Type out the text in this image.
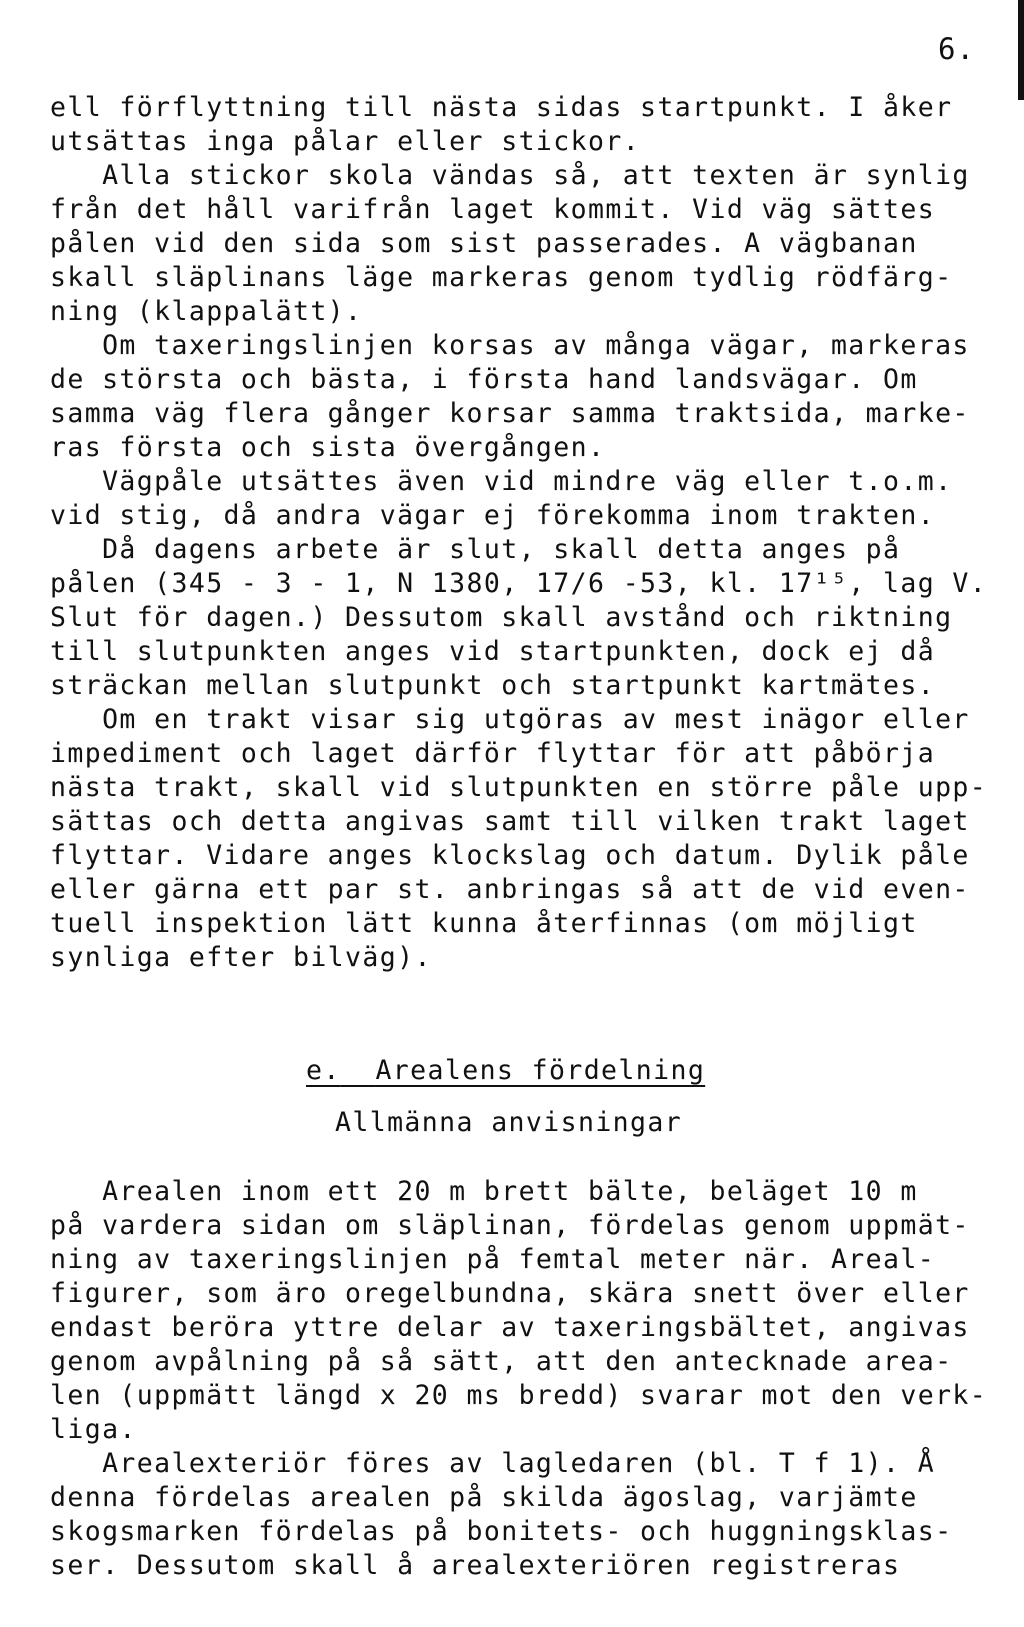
6.
ell förflyttning till nästa sidas startpunkt. I åker
utsättas inga pålar eller stickor.
Alla stickor skola vändas så, att texten är synlig
från det håll varifrån laget kommit. Vid väg sättes
pålen vid den sida som sist passerades. A vägbanan
skall släplinans läge markeras genom tydlig rödfärg-
ning (klappalätt).
Om taxeringslinjen korsas av många vägar, markeras
de största och bästa, i första hand landsvägar. Om
samma väg flera gånger korsar samma traktsida, marke-
ras första och sista övergången.
Vägpåle utsättes även vid mindre väg eller t.o.m.
vid stig, då andra vägar ej förekomma inom trakten.
Då dagens arbete är slut, skall detta anges på
pålen (345 - 3 - 1, N 1380, 17/6 -53, kl. 17¹⁵, lag V.
Slut för dagen.) Dessutom skall avstånd och riktning
till slutpunkten anges vid startpunkten, dock ej då
sträckan mellan slutpunkt och startpunkt kartmätes.
Om en trakt visar sig utgöras av mest inägor eller
impediment och laget därför flyttar för att påbörja
nästa trakt, skall vid slutpunkten en större påle upp-
sättas och detta angivas samt till vilken trakt laget
flyttar. Vidare anges klockslag och datum. Dylik påle
eller gärna ett par st. anbringas så att de vid even-
tuell inspektion lätt kunna återfinnas (om möjligt
synliga efter bilväg).
e. Arealens fördelning
Allmänna anvisningar
Arealen inom ett 20 m brett bälte, beläget 10 m
på vardera sidan om släplinan, fördelas genom uppmät-
ning av taxeringslinjen på femtal meter när. Areal-
figurer, som äro oregelbundna, skära snett över eller
endast beröra yttre delar av taxeringsbältet, angivas
genom avpålning på så sätt, att den antecknade area-
len (uppmätt längd x 20 ms bredd) svarar mot den verk-
liga.
Arealexteriör föres av lagledaren (bl. T f 1). Å
denna fördelas arealen på skilda ägoslag, varjämte
skogsmarken fördelas på bonitets- och huggningsklas-
ser. Dessutom skall å arealexteriören registreras
